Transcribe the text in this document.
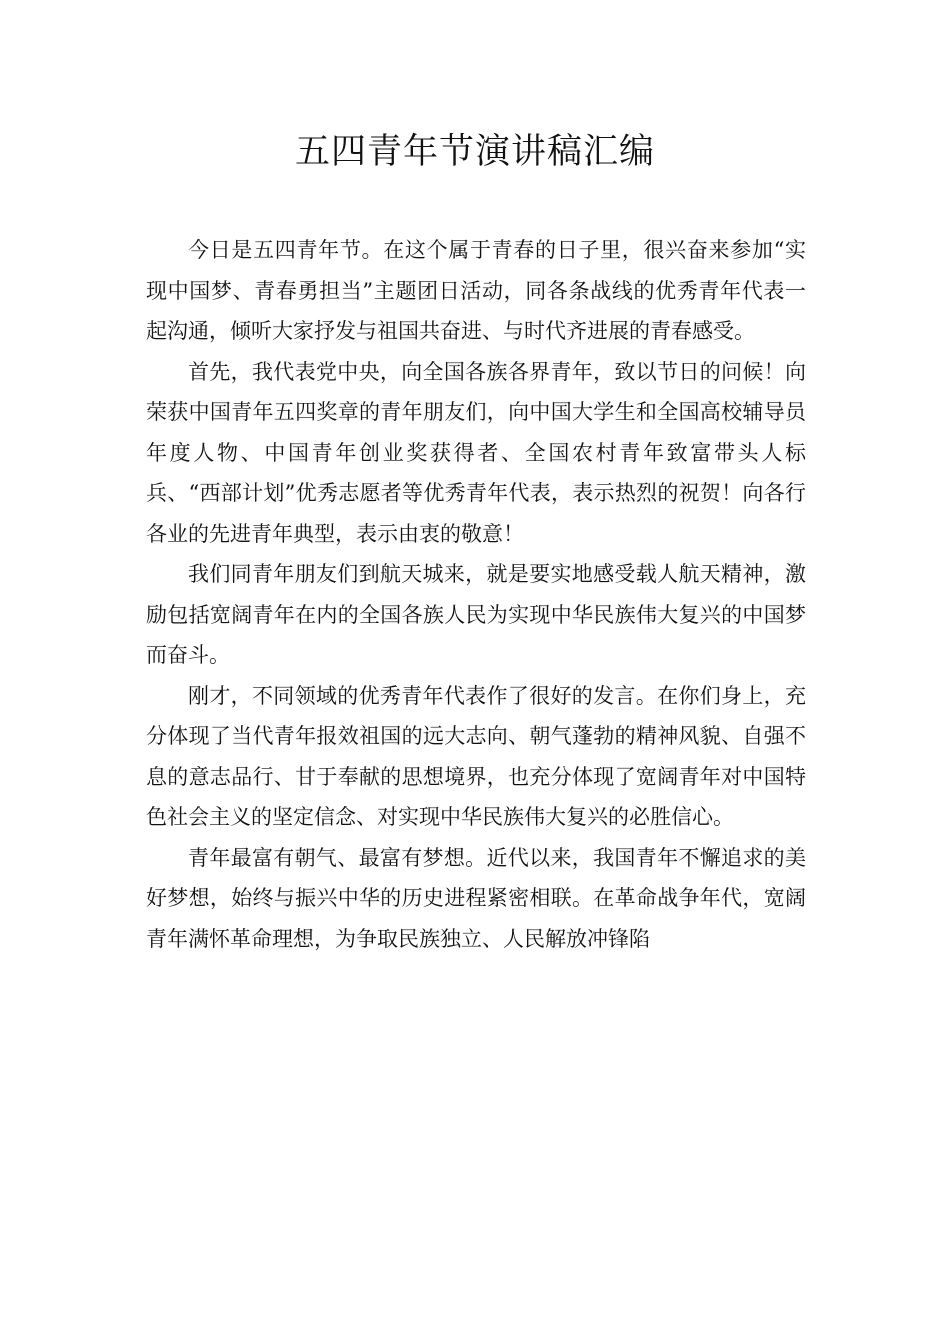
五四青年节演讲稿汇编

今日是五四青年节。在这个属于青春的日子里，很兴奋来参加“实现中国梦、青春勇担当”主题团日活动，同各条战线的优秀青年代表一起沟通，倾听大家抒发与祖国共奋进、与时代齐进展的青春感受。

首先，我代表党中央，向全国各族各界青年，致以节日的问候！向荣获中国青年五四奖章的青年朋友们，向中国大学生和全国高校辅导员年度人物、中国青年创业奖获得者、全国农村青年致富带头人标兵、“西部计划”优秀志愿者等优秀青年代表，表示热烈的祝贺！向各行各业的先进青年典型，表示由衷的敬意！

我们同青年朋友们到航天城来，就是要实地感受载人航天精神，激励包括宽阔青年在内的全国各族人民为实现中华民族伟大复兴的中国梦而奋斗。

刚才，不同领域的优秀青年代表作了很好的发言。在你们身上，充分体现了当代青年报效祖国的远大志向、朝气蓬勃的精神风貌、自强不息的意志品行、甘于奉献的思想境界，也充分体现了宽阔青年对中国特色社会主义的坚定信念、对实现中华民族伟大复兴的必胜信心。

青年最富有朝气、最富有梦想。近代以来，我国青年不懈追求的美好梦想，始终与振兴中华的历史进程紧密相联。在革命战争年代，宽阔青年满怀革命理想，为争取民族独立、人民解放冲锋陷
